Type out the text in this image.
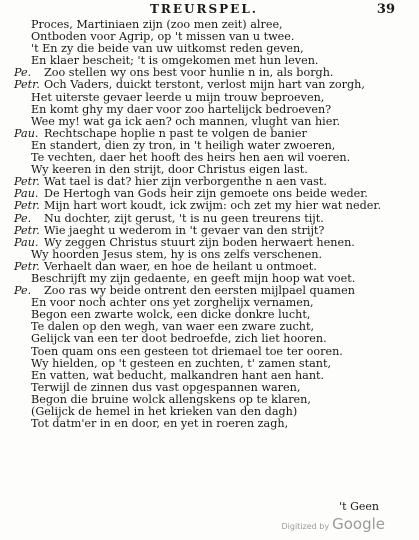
TREURSPEL.	39
Proces, Martiniaen zijn (zoo men zeit) alree,
Ontboden voor Agrip, op 't missen van u twee.
't En zy die beide van uw uitkomst reden geven,
En klaer bescheit; 't is omgekomen met hun leven.
Pe. Zoo stellen wy ons best voor hunlie n in, als borgh.
Petr. Och Vaders, duickt terstont, verlost mijn hart van zorgh,
Het uiterste gevaer leerde u mijn trouw beproeven,
En komt ghy my daer voor zoo hartelijck bedroeven?
Wee my! wat ga ick aen? och mannen, vlught van hier.
Pau. Rechtschape hoplie n past te volgen de banier
En standert, dien zy tron, in 't heiligh water zwoeren,
Te vechten, daer het hooft des heirs hen aen wil voeren.
Wy keeren in den strijt, door Christus eigen last.
Petr. Wat tael is dat? hier zijn verborgenthe n aen vast.
Pau. De Hertogh van Gods heir zijn gemoete ons beide weder.
Petr. Mijn hart wort koudt, ick zwijm: och zet my hier wat neder.
Pe. Nu dochter, zijt gerust, 't is nu geen treurens tijt.
Petr. Wie jaeght u wederom in 't gevaer van den strijt?
Pau. Wy zeggen Christus stuurt zijn boden herwaert henen.
Wy hoorden Jesus stem, hy is ons zelfs verschenen.
Petr. Verhaelt dan waer, en hoe de heilant u ontmoet.
Beschrijft my zijn gedaente, en geeft mijn hoop wat voet.
Pe. Zoo ras wy beide ontrent den eersten mijlpael quamen
En voor noch achter ons yet zorghelijx vernamen,
Begon een zwarte wolck, een dicke donkre lucht,
Te dalen op den wegh, van waer een zware zucht,
Gelijck van een ter doot bedroefde, zich liet hooren.
Toen quam ons een gesteen tot driemael toe ter ooren.
Wy hielden, op 't gesteen en zuchten, t' zamen stant,
En vatten, wat beducht, malkandren hant aen hant.
Terwijl de zinnen dus vast opgespannen waren,
Begon die bruine wolck allengskens op te klaren,
(Gelijck de hemel in het krieken van den dagh)
Tot datm'er in en door, en yet in roeren zagh,
't Geen
Digitized by Google
